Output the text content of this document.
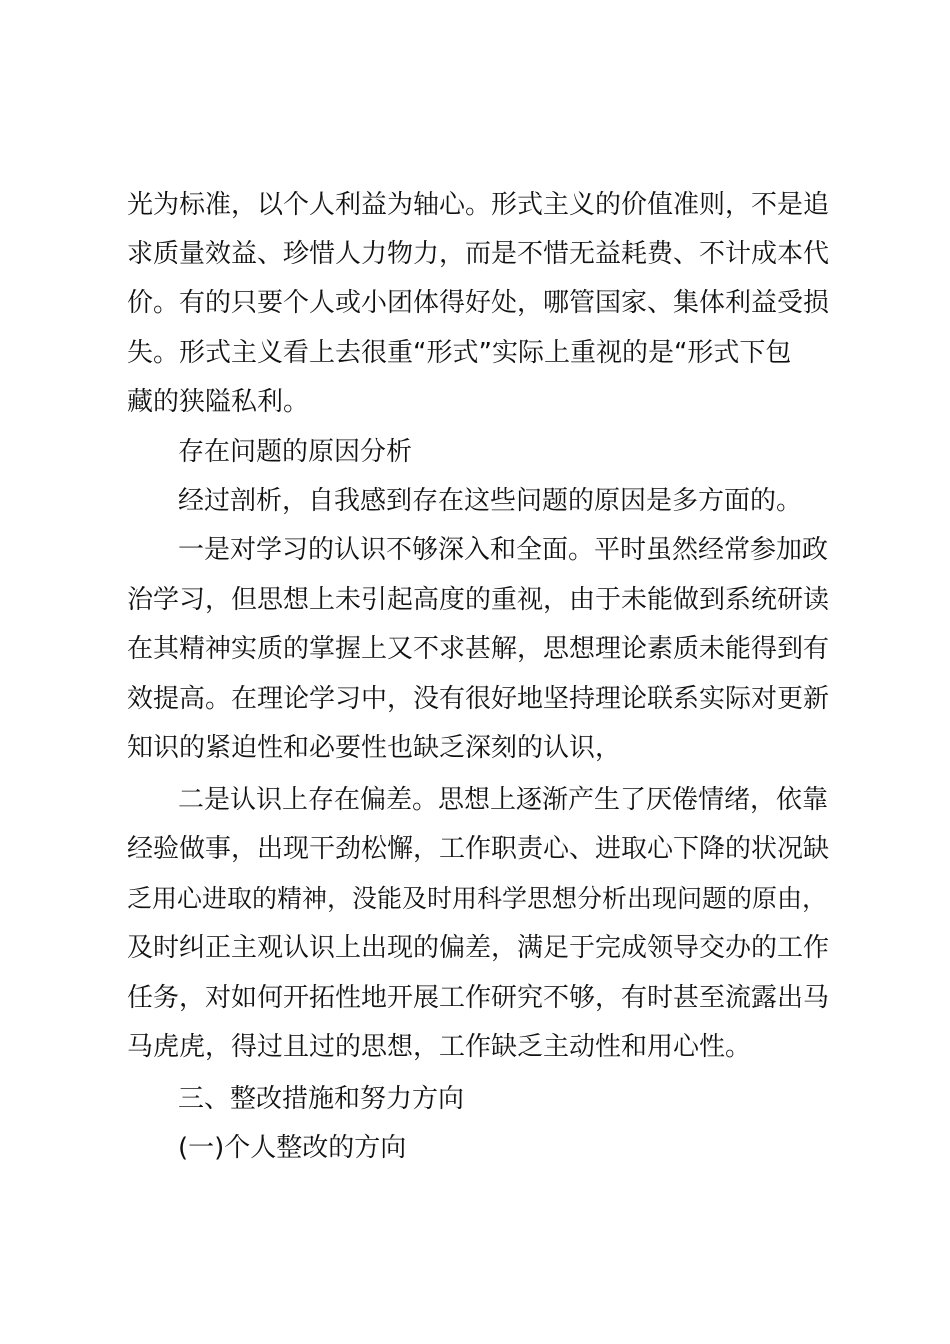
光为标准，以个人利益为轴心。形式主义的价值准则，不是追
求质量效益、珍惜人力物力，而是不惜无益耗费、不计成本代
价。有的只要个人或小团体得好处，哪管国家、集体利益受损
失。形式主义看上去很重“形式”实际上重视的是“形式下包
藏的狭隘私利。
存在问题的原因分析
经过剖析，自我感到存在这些问题的原因是多方面的。
一是对学习的认识不够深入和全面。平时虽然经常参加政
治学习，但思想上未引起高度的重视，由于未能做到系统研读
在其精神实质的掌握上又不求甚解，思想理论素质未能得到有
效提高。在理论学习中，没有很好地坚持理论联系实际对更新
知识的紧迫性和必要性也缺乏深刻的认识，
二是认识上存在偏差。思想上逐渐产生了厌倦情绪，依靠
经验做事，出现干劲松懈，工作职责心、进取心下降的状况缺
乏用心进取的精神，没能及时用科学思想分析出现问题的原由，
及时纠正主观认识上出现的偏差，满足于完成领导交办的工作
任务，对如何开拓性地开展工作研究不够，有时甚至流露出马
马虎虎，得过且过的思想，工作缺乏主动性和用心性。
三、整改措施和努力方向
(一)个人整改的方向
